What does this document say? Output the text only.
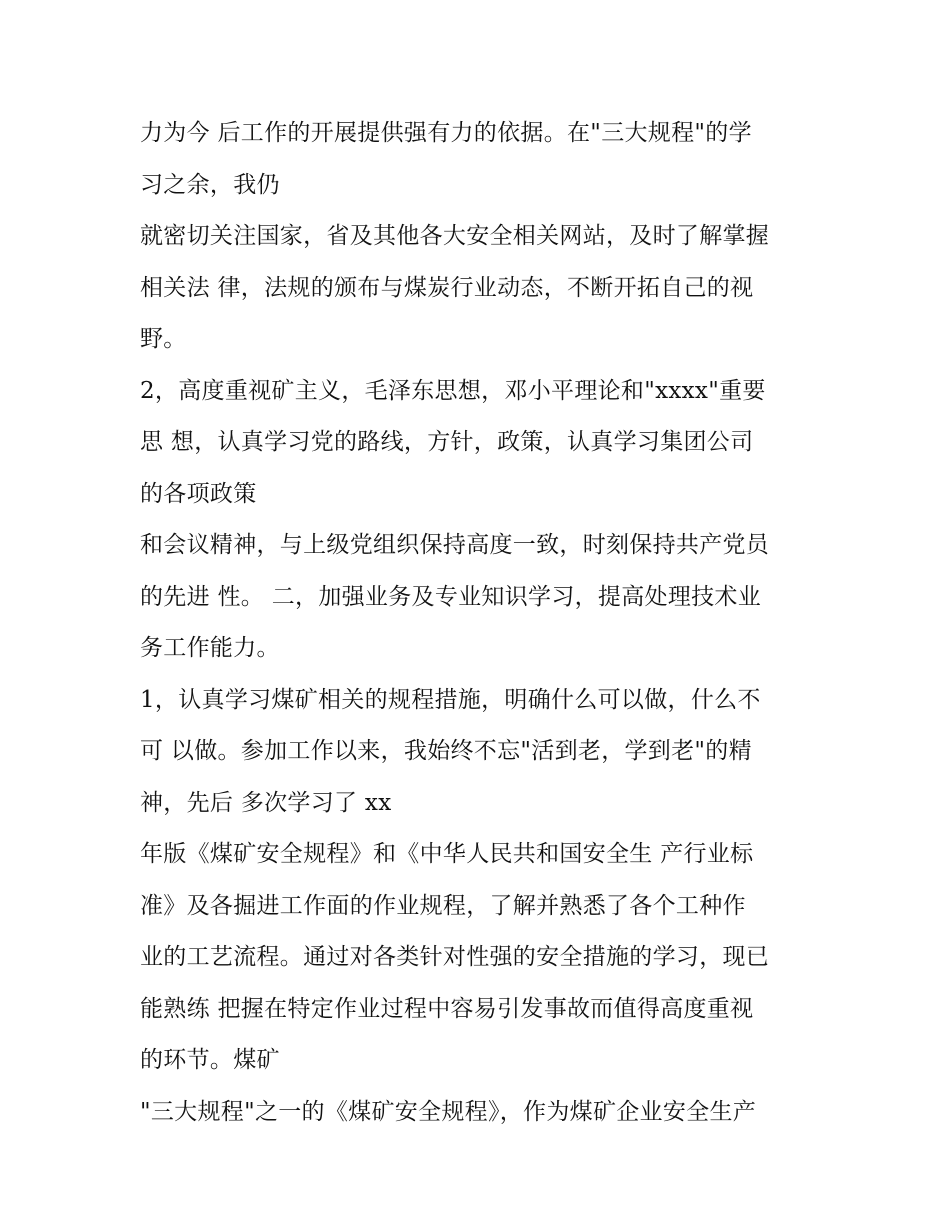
力为今 后工作的开展提供强有力的依据。在"三大规程"的学
习之余，我仍
就密切关注国家，省及其他各大安全相关网站，及时了解掌握
相关法 律，法规的颁布与煤炭行业动态，不断开拓自己的视
野。
2，高度重视矿主义，毛泽东思想，邓小平理论和"xxxx"重要
思 想，认真学习党的路线，方针，政策，认真学习集团公司
的各项政策
和会议精神，与上级党组织保持高度一致，时刻保持共产党员
的先进 性。 二，加强业务及专业知识学习，提高处理技术业
务工作能力。
1，认真学习煤矿相关的规程措施，明确什么可以做，什么不
可 以做。参加工作以来，我始终不忘"活到老，学到老"的精
神，先后 多次学习了 xx
年版《煤矿安全规程》和《中华人民共和国安全生 产行业标
准》及各掘进工作面的作业规程，了解并熟悉了各个工种作
业的工艺流程。通过对各类针对性强的安全措施的学习，现已
能熟练 把握在特定作业过程中容易引发事故而值得高度重视
的环节。煤矿
"三大规程"之一的《煤矿安全规程》，作为煤矿企业安全生产
